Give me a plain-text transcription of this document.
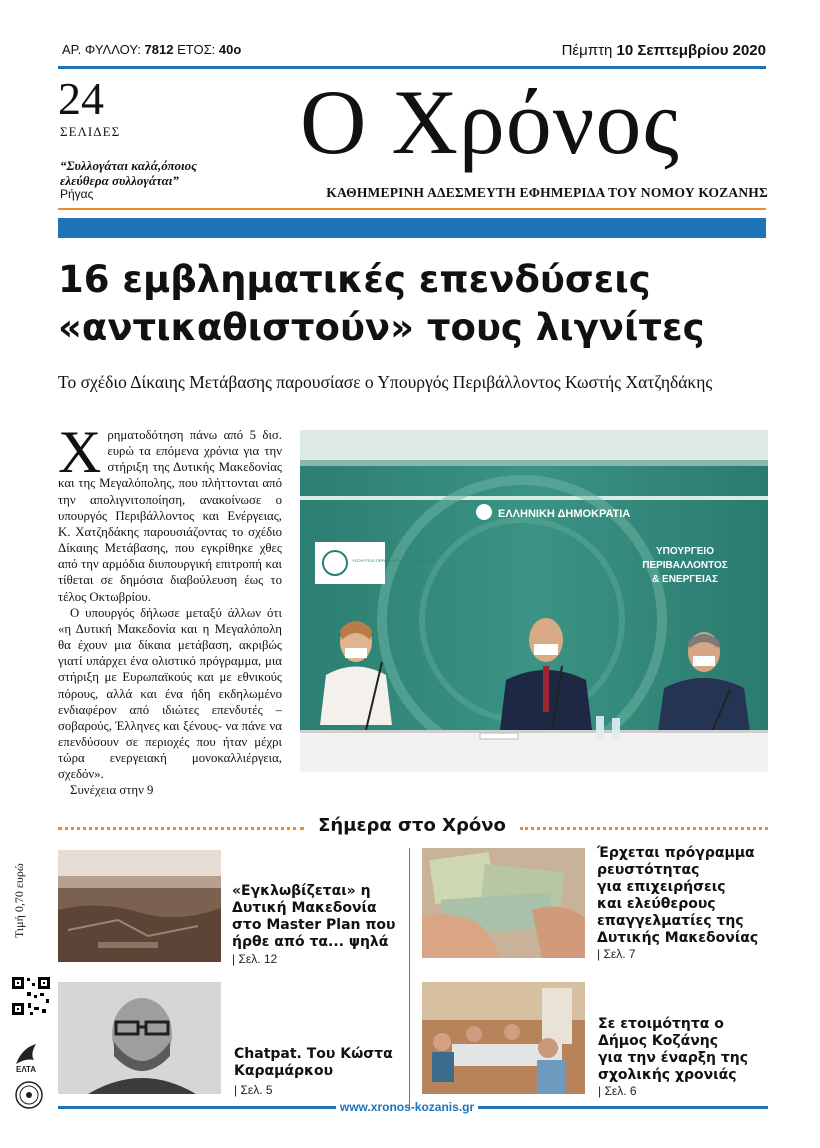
ΑΡ. ΦΥΛΛΟΥ: 7812 ΕΤΟΣ: 40ο	Πέμπτη 10 Σεπτεμβρίου 2020
24
ΣΕΛΙΔΕΣ
“Συλλογάται καλά,όποιος ελεύθερα συλλογάται”
Ρήγας
Ο Χρόνος
ΚΑΘΗΜΕΡΙΝΗ ΑΔΕΣΜΕΥΤΗ ΕΦΗΜΕΡΙΔΑ ΤΟΥ ΝΟΜΟΥ ΚΟΖΑΝΗΣ
16 εμβληματικές επενδύσεις
«αντικαθιστούν» τους λιγνίτες
Το σχέδιο Δίκαιης Μετάβασης παρουσίασε ο Υπουργός Περιβάλλοντος Κωστής Χατζηδάκης

Χρηματοδότηση πάνω από 5 δισ. ευρώ τα επόμενα χρόνια για την στήριξη της Δυτικής Μακεδονίας και της Μεγαλόπολης, που πλήττονται από την απολιγνιτοποίηση, ανακοίνωσε ο υπουργός Περιβάλλοντος και Ενέργειας, Κ. Χατζηδάκης παρουσιάζοντας το σχέδιο Δίκαιης Μετάβασης, που εγκρίθηκε χθες από την αρμόδια διυπουργική επιτροπή και τίθεται σε δημόσια διαβούλευση έως το τέλος Οκτωβρίου.

Ο υπουργός δήλωσε μεταξύ άλλων ότι «η Δυτική Μακεδονία και η Μεγαλόπολη θα έχουν μια δίκαια μετάβαση, ακριβώς γιατί υπάρχει ένα ολιστικό πρόγραμμα, μια στήριξη με Ευρωπαϊκούς και με εθνικούς πόρους, αλλά και ένα ήδη εκδηλωμένο ενδιαφέρον από ιδιώτες επενδυτές – σοβαρούς, Έλληνες και ξένους- να πάνε να επενδύσουν σε περιοχές που ήταν μέχρι τώρα ενεργειακή μονοκαλλιέργεια, σχεδόν».

Συνέχεια στην 9
ΕΛΛΗΝΙΚΗ ΔΗΜΟΚΡΑΤΙΑ
ΥΠΟΥΡΓΕΙΟ ΠΕΡΙΒΑΛΛΟΝΤΟΣ & ΕΝΕΡΓΕΙΑΣ
ΥΠΟΥΡΓΕΙΟ
ΠΕΡΙΒΑΛΛΟΝΤΟΣ
& ΕΝΕΡΓΕΙΑΣ
Σήμερα στο Χρόνο
Τιμή 0,70 ευρώ	«Εγκλωβίζεται» η
Δυτική Μακεδονία
στο Master Plan που
ήρθε από τα... ψηλά
| Σελ. 12
Έρχεται πρόγραμμα
ρευστότητας
για επιχειρήσεις
και ελεύθερους
επαγγελματίες της
Δυτικής Μακεδονίας
| Σελ. 7
Chatpat. Του Κώστα
Καραμάρκου
| Σελ. 5
Σε ετοιμότητα ο
Δήμος Κοζάνης
για την έναρξη της
σχολικής χρονιάς
| Σελ. 6
www.xronos-kozanis.gr
ΕΛΤΑ
